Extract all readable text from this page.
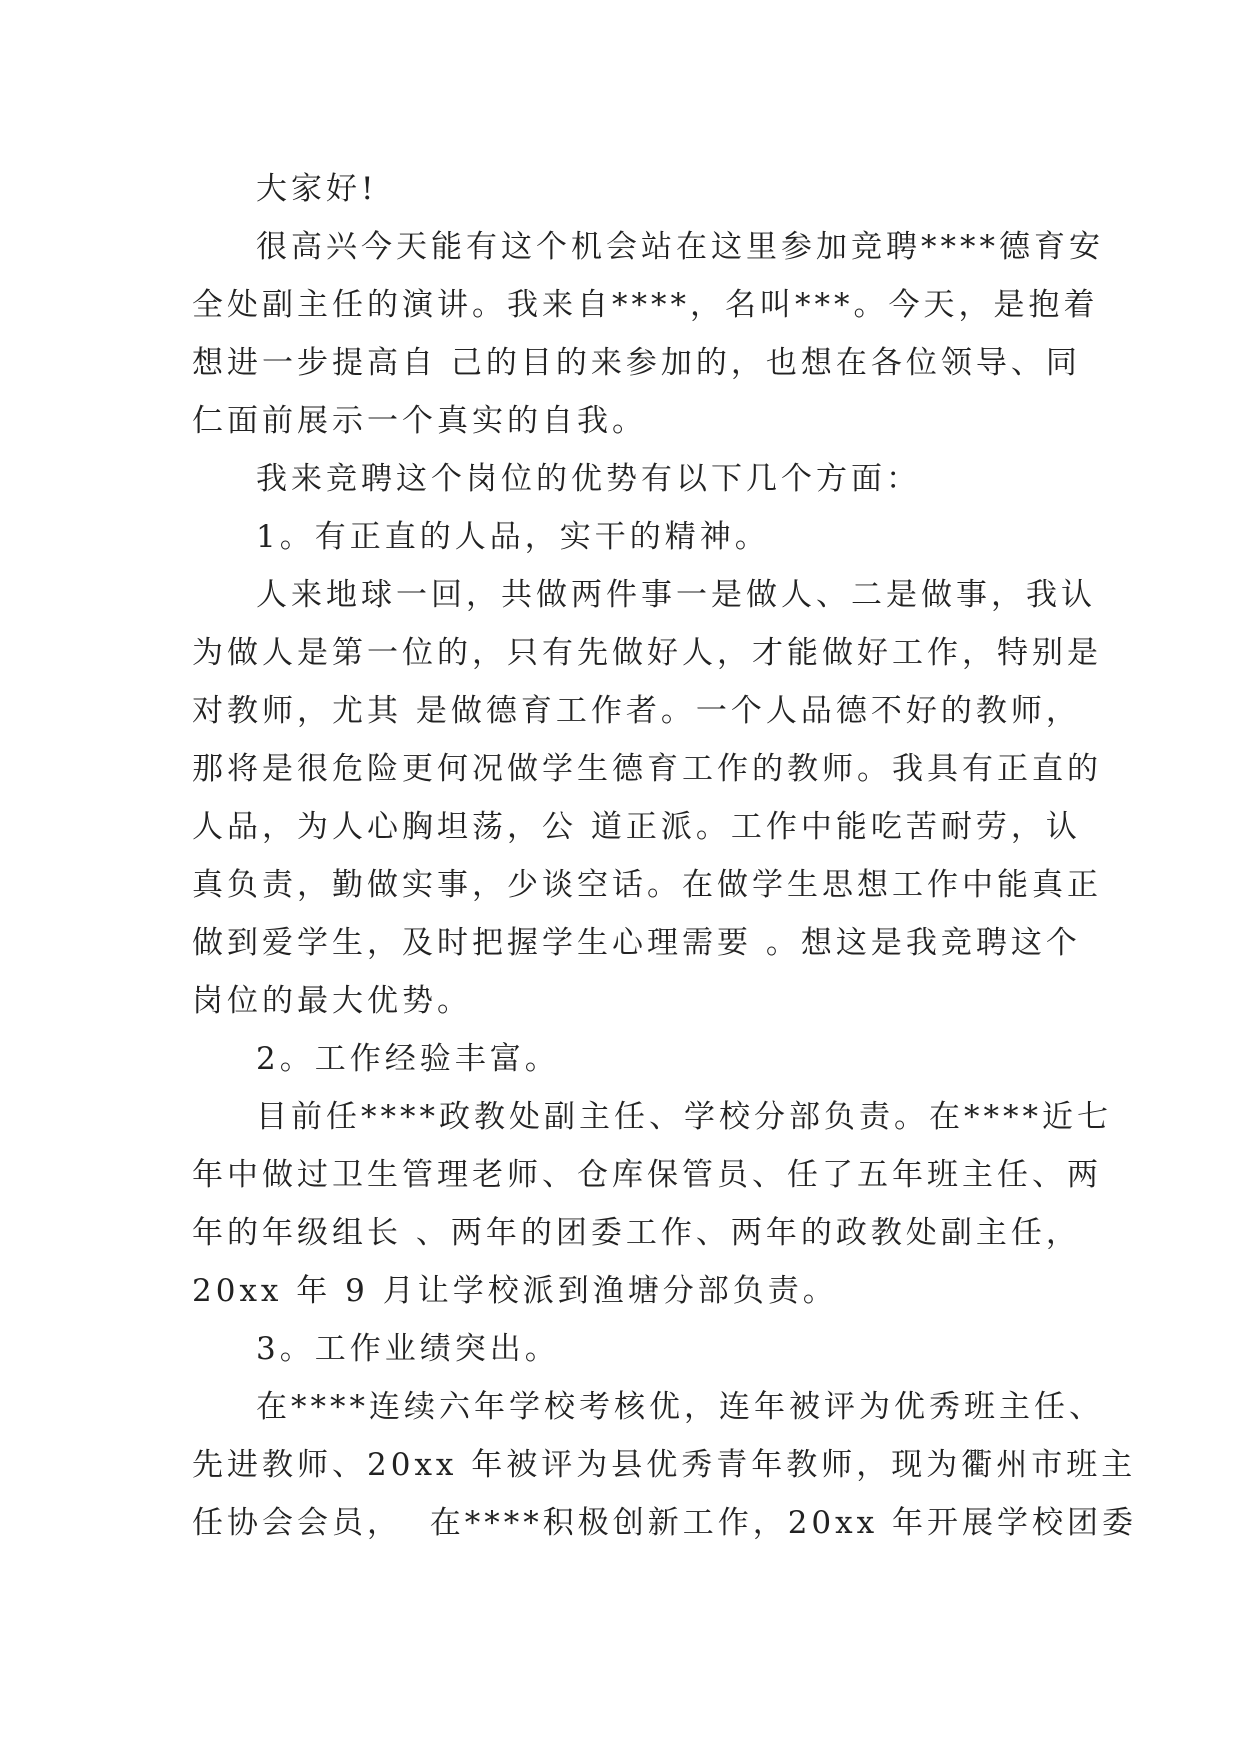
大家好!
很高兴今天能有这个机会站在这里参加竞聘****德育安
全处副主任的演讲。我来自****，名叫***。今天，是抱着
想进一步提高自 己的目的来参加的，也想在各位领导、同
仁面前展示一个真实的自我。
我来竞聘这个岗位的优势有以下几个方面：
1。有正直的人品，实干的精神。
人来地球一回，共做两件事一是做人、二是做事，我认
为做人是第一位的，只有先做好人，才能做好工作，特别是
对教师，尤其 是做德育工作者。一个人品德不好的教师，
那将是很危险更何况做学生德育工作的教师。我具有正直的
人品，为人心胸坦荡，公 道正派。工作中能吃苦耐劳，认
真负责，勤做实事，少谈空话。在做学生思想工作中能真正
做到爱学生，及时把握学生心理需要 。想这是我竞聘这个
岗位的最大优势。
2。工作经验丰富。
目前任****政教处副主任、学校分部负责。在****近七
年中做过卫生管理老师、仓库保管员、任了五年班主任、两
年的年级组长 、两年的团委工作、两年的政教处副主任，
20xx 年 9 月让学校派到渔塘分部负责。
3。工作业绩突出。
在****连续六年学校考核优，连年被评为优秀班主任、
先进教师、20xx 年被评为县优秀青年教师，现为衢州市班主
任协会会员，  在****积极创新工作，20xx 年开展学校团委
